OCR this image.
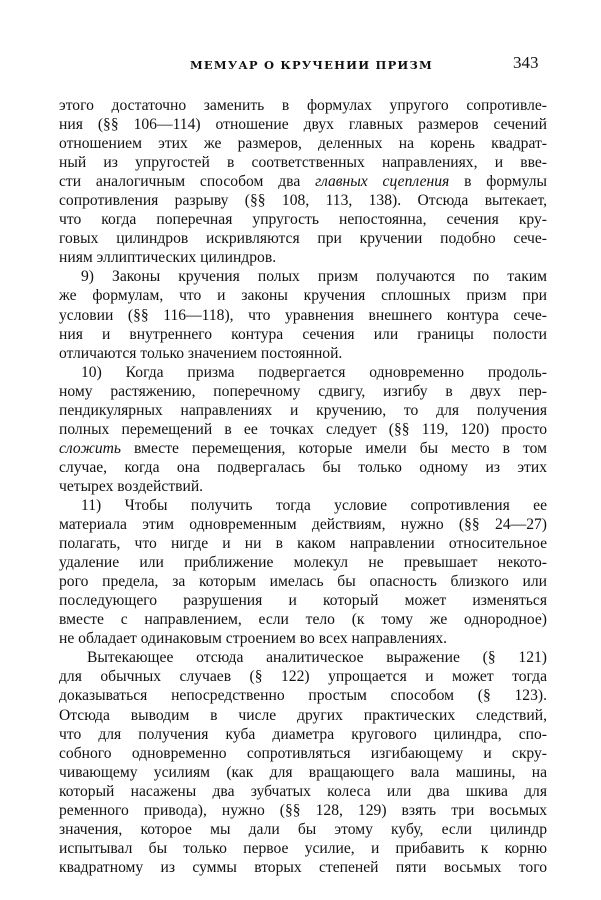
МЕМУАР О КРУЧЕНИИ ПРИЗМ	343
этого достаточно заменить в формулах упругого сопротивле-
ния (§§ 106—114) отношение двух главных размеров сечений
отношением этих же размеров, деленных на корень квадрат-
ный из упругостей в соответственных направлениях, и вве-
сти аналогичным способом два главных сцепления в формулы
сопротивления разрыву (§§ 108, 113, 138). Отсюда вытекает,
что когда поперечная упругость непостоянна, сечения кру-
говых цилиндров искривляются при кручении подобно сече-
ниям эллиптических цилиндров.
9) Законы кручения полых призм получаются по таким
же формулам, что и законы кручения сплошных призм при
условии (§§ 116—118), что уравнения внешнего контура сече-
ния и внутреннего контура сечения или границы полости
отличаются только значением постоянной.
10) Когда призма подвергается одновременно продоль-
ному растяжению, поперечному сдвигу, изгибу в двух пер-
пендикулярных направлениях и кручению, то для получения
полных перемещений в ее точках следует (§§ 119, 120) просто
сложить вместе перемещения, которые имели бы место в том
случае, когда она подвергалась бы только одному из этих
четырех воздействий.
11) Чтобы получить тогда условие сопротивления ее
материала этим одновременным действиям, нужно (§§ 24—27)
полагать, что нигде и ни в каком направлении относительное
удаление или приближение молекул не превышает некото-
рого предела, за которым имелась бы опасность близкого или
последующего разрушения и который может изменяться
вместе с направлением, если тело (к тому же однородное)
не обладает одинаковым строением во всех направлениях.
Вытекающее отсюда аналитическое выражение (§ 121)
для обычных случаев (§ 122) упрощается и может тогда
доказываться непосредственно простым способом (§ 123).
Отсюда выводим в числе других практических следствий,
что для получения куба диаметра кругового цилиндра, спо-
собного одновременно сопротивляться изгибающему и скру-
чивающему усилиям (как для вращающего вала машины, на
который насажены два зубчатых колеса или два шкива для
ременного привода), нужно (§§ 128, 129) взять три восьмых
значения, которое мы дали бы этому кубу, если цилиндр
испытывал бы только первое усилие, и прибавить к корню
квадратному из суммы вторых степеней пяти восьмых того
